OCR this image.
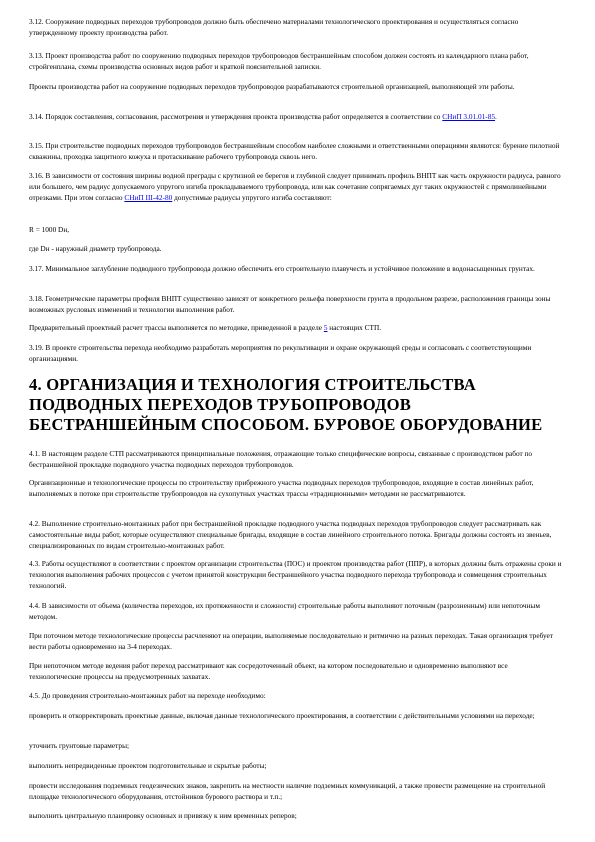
3.12. Сооружение подводных переходов трубопроводов должно быть обеспечено материалами технологического проектирования и осуществляться согласно утвержденному проекту производства работ.

3.13. Проект производства работ по сооружению подводных переходов трубопроводов бестраншейным способом должен состоять из календарного плана работ, стройгенплана, схемы производства основных видов работ и краткой пояснительной записки.

Проекты производства работ на сооружение подводных переходов трубопроводов разрабатываются строительной организацией, выполняющей эти работы.

3.14. Порядок составления, согласования, рассмотрения и утверждения проекта производства работ определяется в соответствии со СНиП 3.01.01-85.

3.15. При строительстве подводных переходов трубопроводов бестраншейным способом наиболее сложными и ответственными операциями являются: бурение пилотной скважины, проходка защитного кожуха и протаскивание рабочего трубопровода сквозь него.

3.16. В зависимости от состояния ширины водной преграды с крутизной ее берегов и глубиной следует принимать профиль ВНПТ как часть окружности радиуса, равного или большего, чем радиус допускаемого упругого изгиба прокладываемого трубопровода, или как сочетание сопрягаемых дуг таких окружностей с прямолинейными отрезками. При этом согласно СНиП III-42-80 допустимые радиусы упругого изгиба составляют:

R = 1000 Dн,

где Dн - наружный диаметр трубопровода.

3.17. Минимальное заглубление подводного трубопровода должно обеспечить его строительную плавучесть и устойчивое положение в водонасыщенных грунтах.

3.18. Геометрические параметры профиля ВНПТ существенно зависят от конкретного рельефа поверхности грунта в продольном разрезе, расположения границы зоны возможных русловых изменений и технологии выполнения работ.

Предварительный проектный расчет трассы выполняется по методике, приведенной в разделе 5 настоящих СТП.

3.19. В проекте строительства перехода необходимо разработать мероприятия по рекультивации и охране окружающей среды и согласовать с соответствующими организациями.

4. ОРГАНИЗАЦИЯ И ТЕХНОЛОГИЯ СТРОИТЕЛЬСТВА ПОДВОДНЫХ ПЕРЕХОДОВ ТРУБОПРОВОДОВ БЕСТРАНШЕЙНЫМ СПОСОБОМ. БУРОВОЕ ОБОРУДОВАНИЕ

4.1. В настоящем разделе СТП рассматриваются принципиальные положения, отражающие только специфические вопросы, связанные с производством работ по бестраншейной прокладке подводного участка подводных переходов трубопроводов.

Организационные и технологические процессы по строительству прибрежного участка подводных переходов трубопроводов, входящие в состав линейных работ, выполняемых в потоке при строительстве трубопроводов на сухопутных участках трассы «традиционными» методами не рассматриваются.

4.2. Выполнение строительно-монтажных работ при бестраншейной прокладке подводного участка подводных переходов трубопроводов следует рассматривать как самостоятельные виды работ, которые осуществляют специальные бригады, входящие в состав линейного строительного потока. Бригады должны состоять из звеньев, специализированных по видам строительно-монтажных работ.

4.3. Работы осуществляют в соответствии с проектом организации строительства (ПОС) и проектом производства работ (ППР), в которых должны быть отражены сроки и технология выполнения рабочих процессов с учетом принятой конструкции бестраншейного участка подводного перехода трубопровода и совмещения строительных технологий.

4.4. В зависимости от объема (количества переходов, их протяженности и сложности) строительные работы выполняют поточным (разрозненным) или непоточным методом.

При поточном методе технологические процессы расчленяют на операции, выполняемые последовательно и ритмично на разных переходах. Такая организация требует вести работы одновременно на 3-4 переходах.

При непоточном методе ведения работ переход рассматривают как сосредоточенный объект, на котором последовательно и одновременно выполняют все технологические процессы на предусмотренных захватах.

4.5. До проведения строительно-монтажных работ на переходе необходимо:

проверить и откорректировать проектные данные, включая данные технологического проектирования, в соответствии с действительными условиями на переходе;

уточнить грунтовые параметры;

выполнить непредвиденные проектом подготовительные и скрытые работы;

провести исследования подземных геодезических знаков, закрепить на местности наличие подземных коммуникаций, а также провести размещение на строительной площадке технологического оборудования, отстойников бурового раствора и т.п.;

выполнить центральную планировку основных и привязку к ним временных реперов;
